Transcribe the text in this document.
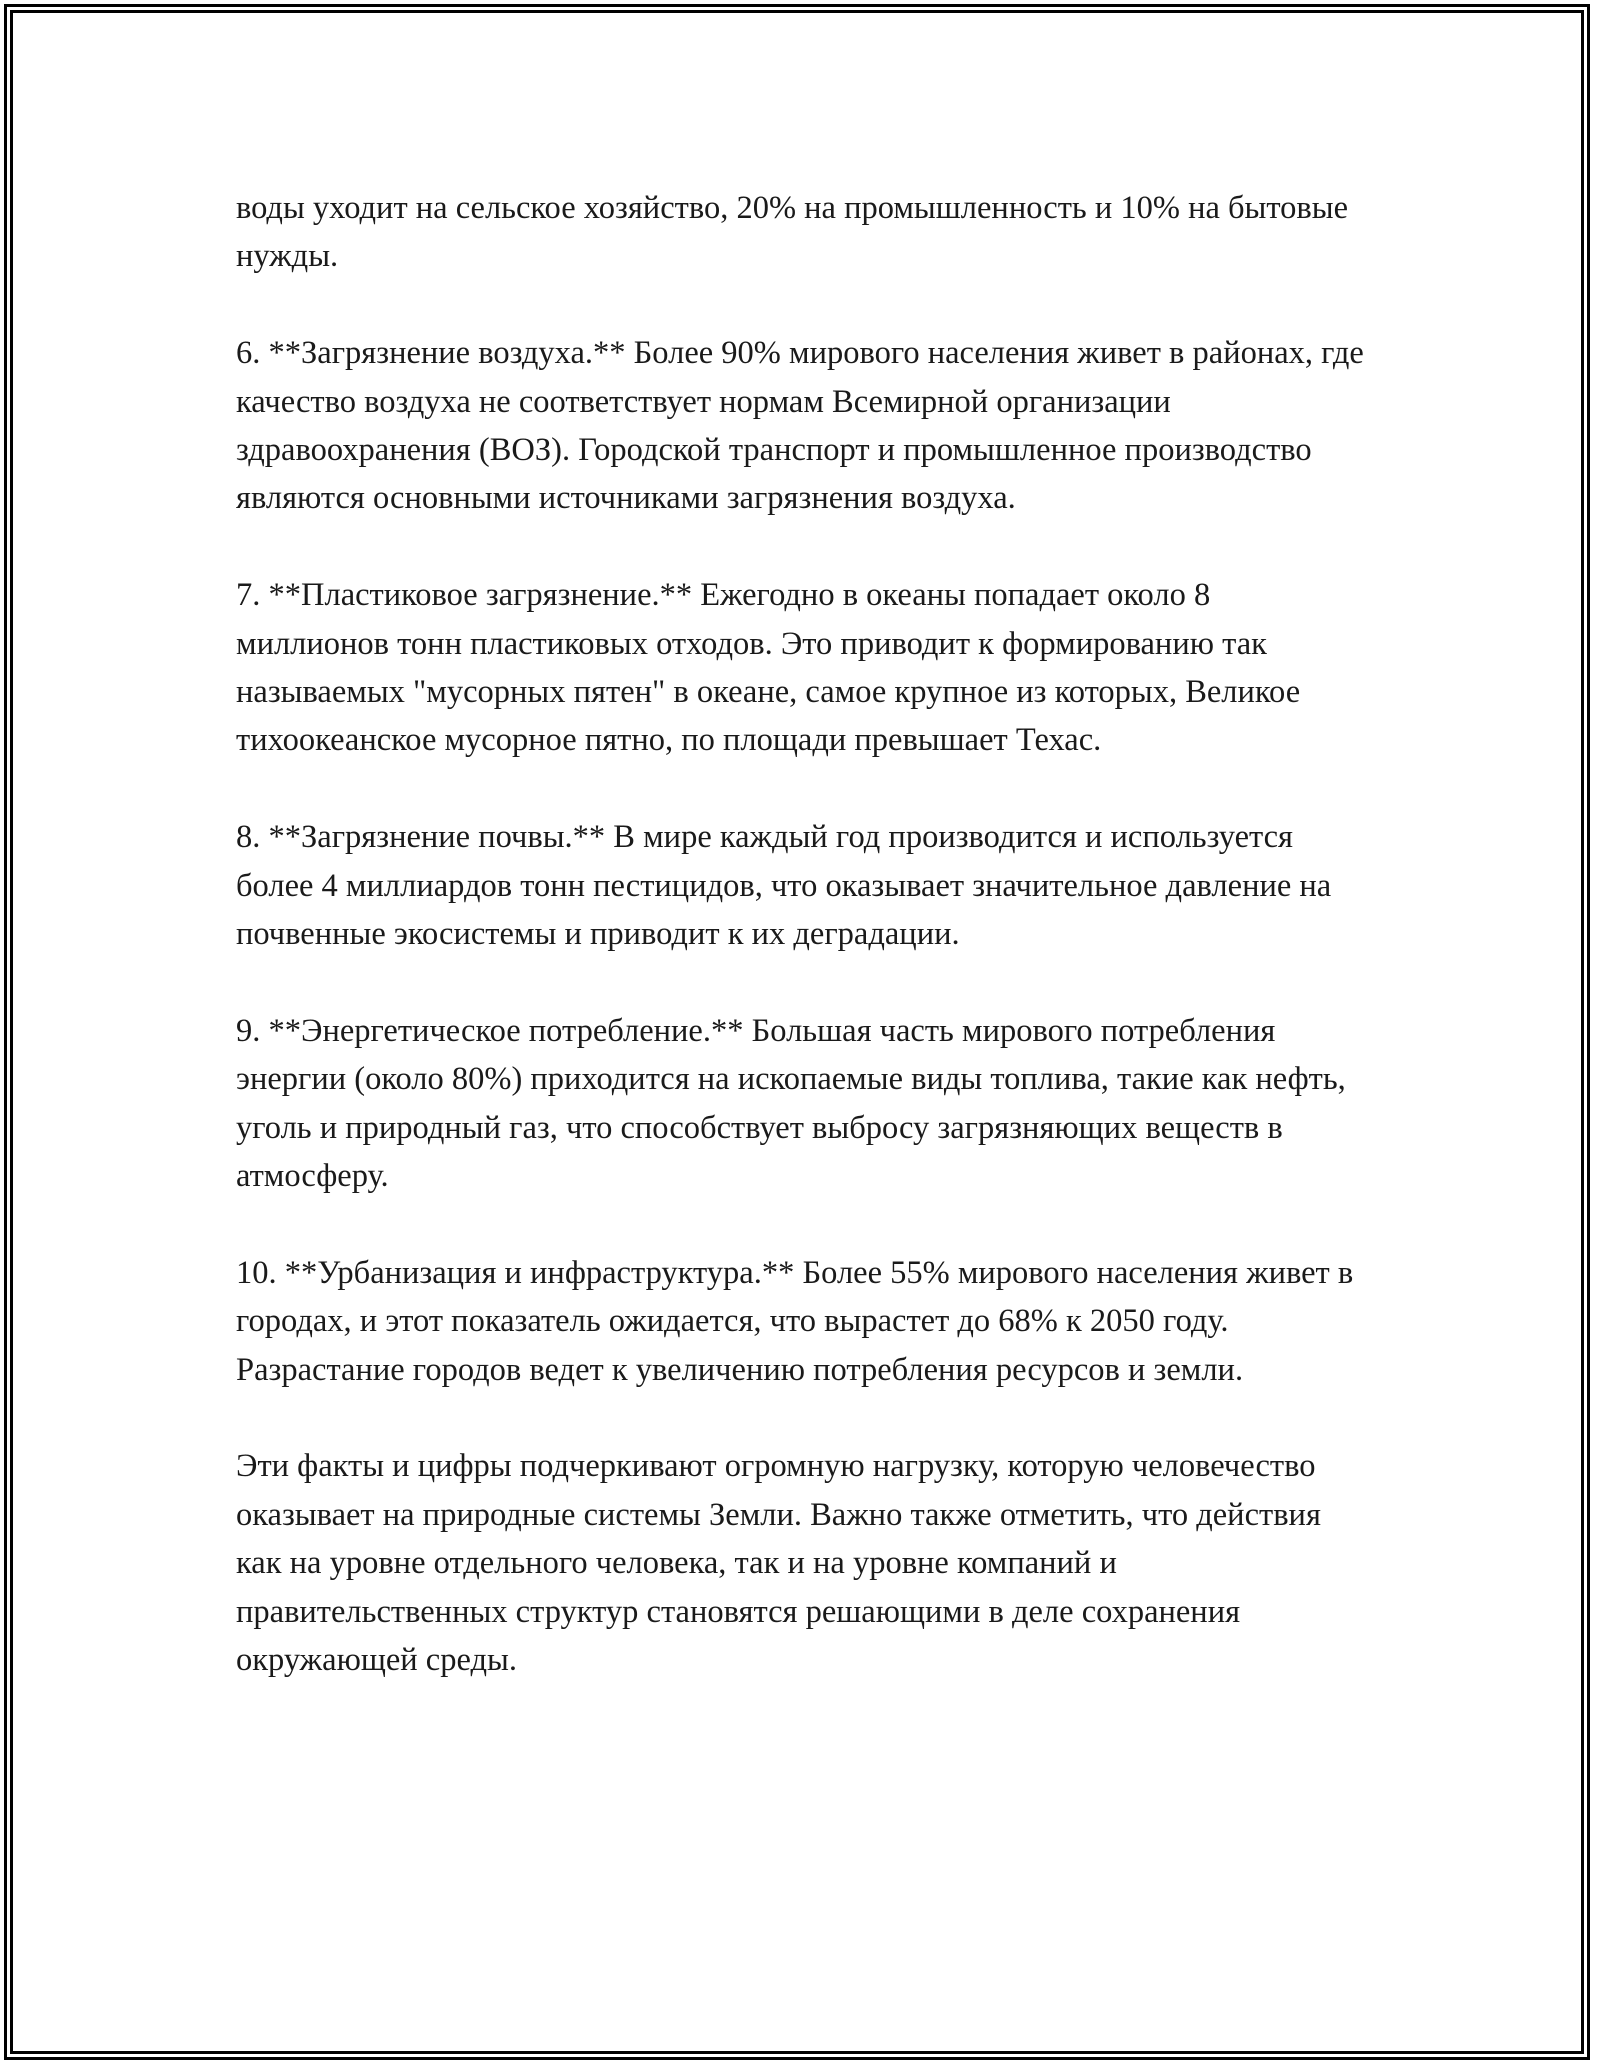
воды уходит на сельское хозяйство, 20% на промышленность и 10% на бытовые нужды.

6. **Загрязнение воздуха.** Более 90% мирового населения живет в районах, где качество воздуха не соответствует нормам Всемирной организации здравоохранения (ВОЗ). Городской транспорт и промышленное производство являются основными источниками загрязнения воздуха.

7. **Пластиковое загрязнение.** Ежегодно в океаны попадает около 8 миллионов тонн пластиковых отходов. Это приводит к формированию так называемых "мусорных пятен" в океане, самое крупное из которых, Великое тихоокеанское мусорное пятно, по площади превышает Техас.

8. **Загрязнение почвы.** В мире каждый год производится и используется более 4 миллиардов тонн пестицидов, что оказывает значительное давление на почвенные экосистемы и приводит к их деградации.

9. **Энергетическое потребление.** Большая часть мирового потребления энергии (около 80%) приходится на ископаемые виды топлива, такие как нефть, уголь и природный газ, что способствует выбросу загрязняющих веществ в атмосферу.

10. **Урбанизация и инфраструктура.** Более 55% мирового населения живет в городах, и этот показатель ожидается, что вырастет до 68% к 2050 году. Разрастание городов ведет к увеличению потребления ресурсов и земли.

Эти факты и цифры подчеркивают огромную нагрузку, которую человечество оказывает на природные системы Земли. Важно также отметить, что действия как на уровне отдельного человека, так и на уровне компаний и правительственных структур становятся решающими в деле сохранения окружающей среды.
